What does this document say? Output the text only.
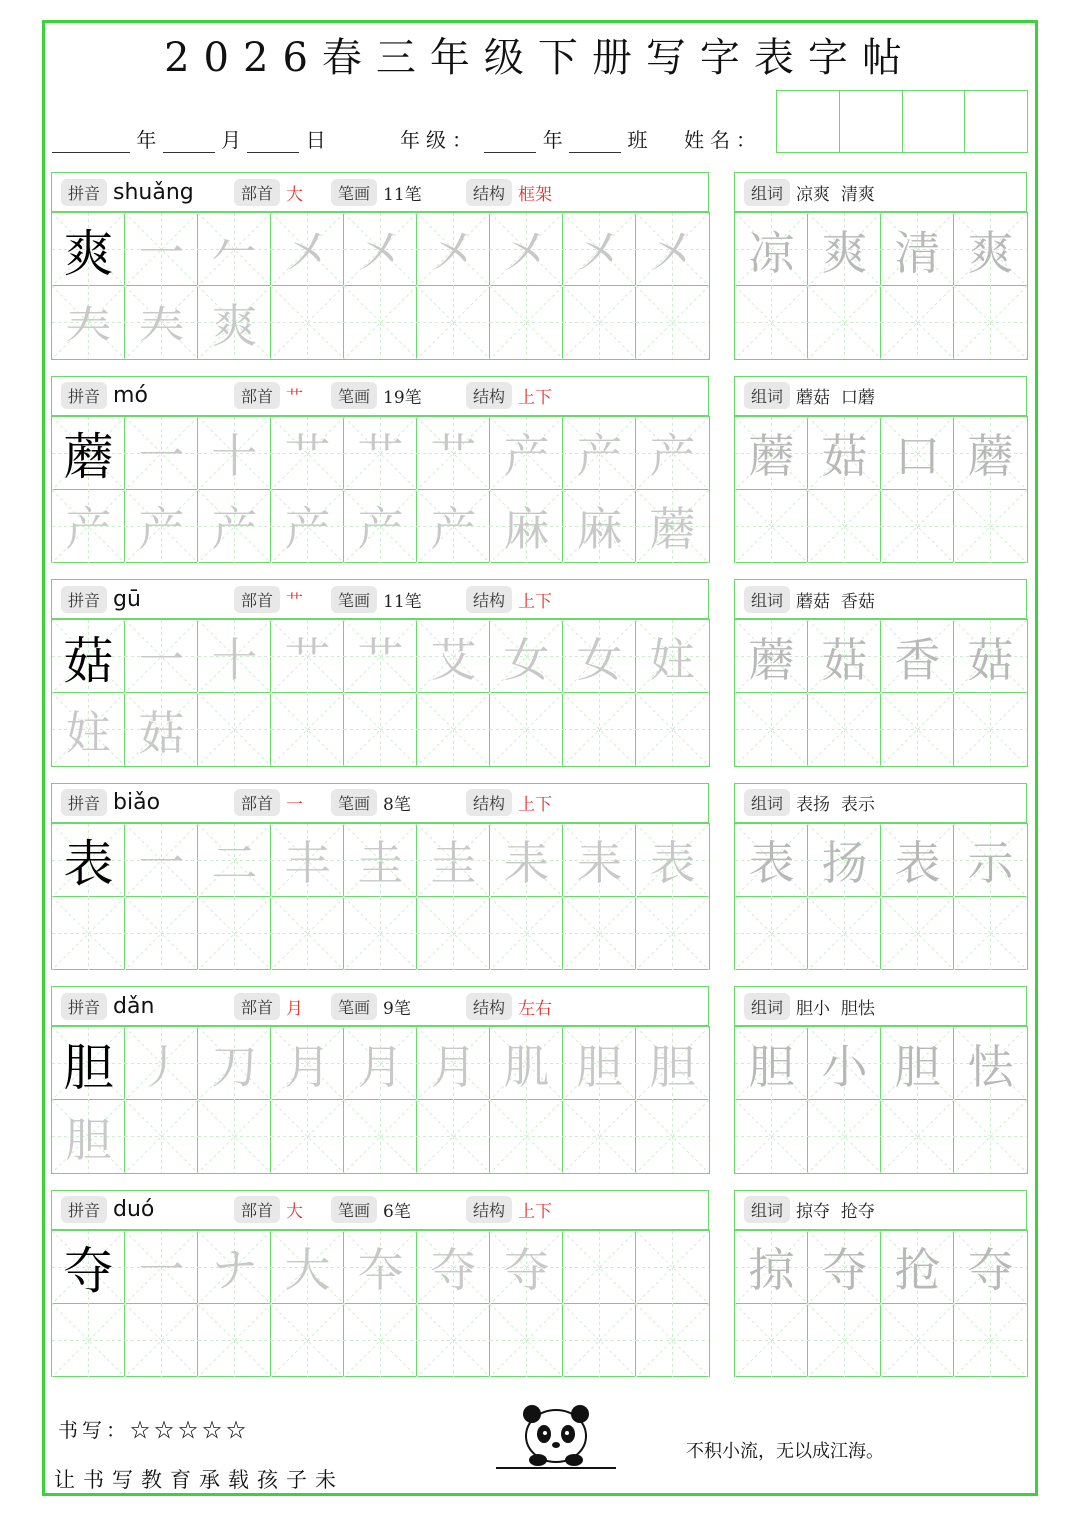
2026春三年级下册写字表字帖
年	月	日	年级：	年	班 姓名：
拼音 shuǎng	部首 大	笔画 11笔	结构 框架
爽 一 𠂉 㐅 㐅 㐅 㐅 㐅 㐅
𡗗 𡗗 爽
组词 凉爽  清爽
凉 爽 清 爽
拼音 mó	部首 艹	笔画 19笔	结构 上下
蘑 一 十 艹 艹 艹 产 产 产
产 产 产 产 产 产 麻 麻 蘑
组词 蘑菇  口蘑
蘑 菇 口 蘑
拼音 gū	部首 艹	笔画 11笔	结构 上下
菇 一 十 艹 艹 艾 女 女 妵
妵 菇
组词 蘑菇  香菇
蘑 菇 香 菇
拼音 biǎo	部首 一	笔画 8笔	结构 上下
表 一 二 丰 圭 圭 耒 耒 表
组词 表扬  表示
表 扬 表 示
拼音 dǎn	部首 月	笔画 9笔	结构 左右
胆 丿 刀 月 月 月 肌 胆 胆
胆
组词 胆小  胆怯
胆 小 胆 怯
拼音 duó	部首 大	笔画 6笔	结构 上下
夺 一 ナ 大 夲 夺 夺
组词 掠夺  抢夺
掠 夺 抢 夺
书写：☆☆☆☆☆
让书写教育承载孩子未
不积小流，无以成江海。
